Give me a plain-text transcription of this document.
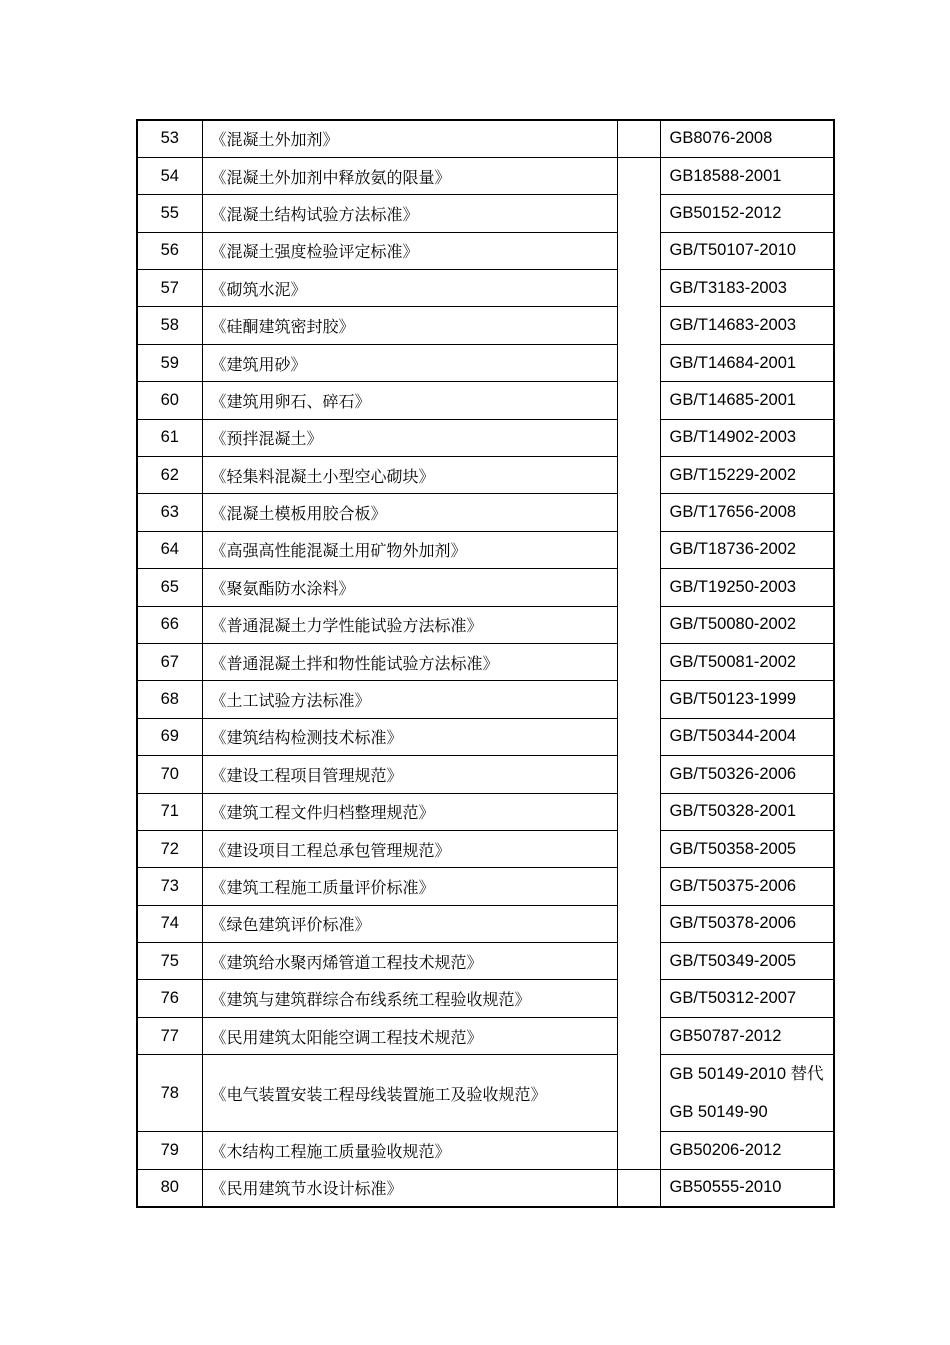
53	《混凝土外加剂》		GB8076-2008
54	《混凝土外加剂中释放氨的限量》		GB18588-2001
55	《混凝土结构试验方法标准》		GB50152-2012
56	《混凝土强度检验评定标准》		GB/T50107-2010
57	《砌筑水泥》		GB/T3183-2003
58	《硅酮建筑密封胶》		GB/T14683-2003
59	《建筑用砂》		GB/T14684-2001
60	《建筑用卵石、碎石》		GB/T14685-2001
61	《预拌混凝土》		GB/T14902-2003
62	《轻集料混凝土小型空心砌块》		GB/T15229-2002
63	《混凝土模板用胶合板》		GB/T17656-2008
64	《高强高性能混凝土用矿物外加剂》		GB/T18736-2002
65	《聚氨酯防水涂料》		GB/T19250-2003
66	《普通混凝土力学性能试验方法标准》		GB/T50080-2002
67	《普通混凝土拌和物性能试验方法标准》		GB/T50081-2002
68	《土工试验方法标准》		GB/T50123-1999
69	《建筑结构检测技术标准》		GB/T50344-2004
70	《建设工程项目管理规范》		GB/T50326-2006
71	《建筑工程文件归档整理规范》		GB/T50328-2001
72	《建设项目工程总承包管理规范》		GB/T50358-2005
73	《建筑工程施工质量评价标准》		GB/T50375-2006
74	《绿色建筑评价标准》		GB/T50378-2006
75	《建筑给水聚丙烯管道工程技术规范》		GB/T50349-2005
76	《建筑与建筑群综合布线系统工程验收规范》		GB/T50312-2007
77	《民用建筑太阳能空调工程技术规范》		GB50787-2012
78	《电气装置安装工程母线装置施工及验收规范》		GB 50149-2010 替代 GB 50149-90
79	《木结构工程施工质量验收规范》		GB50206-2012
80	《民用建筑节水设计标准》		GB50555-2010
